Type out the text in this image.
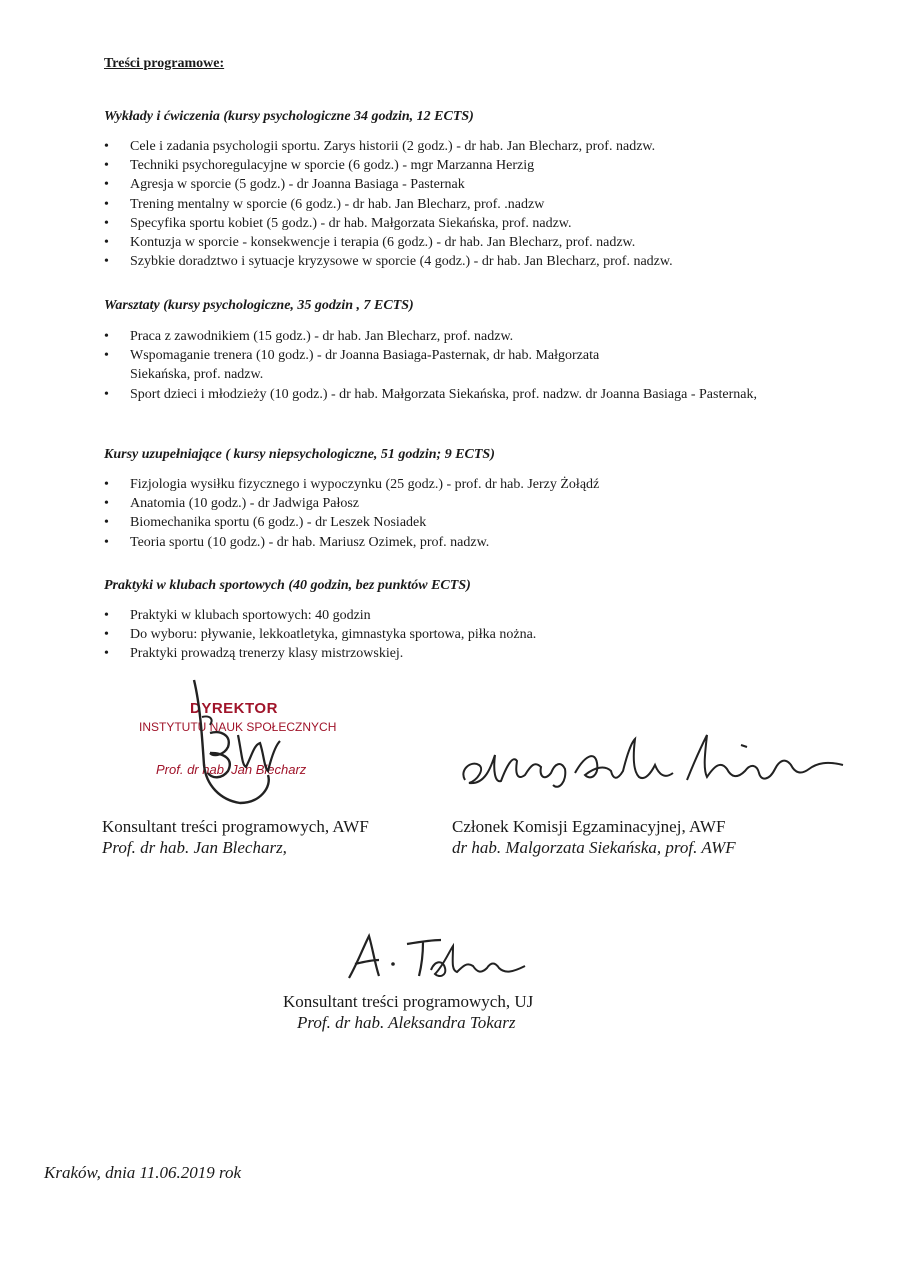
Treści programowe:
Wykłady i ćwiczenia (kursy psychologiczne 34 godzin, 12 ECTS)
• Cele i zadania psychologii sportu. Zarys historii (2 godz.) - dr hab. Jan Blecharz, prof. nadzw.
• Techniki psychoregulacyjne w sporcie (6 godz.) - mgr Marzanna Herzig
• Agresja w sporcie (5 godz.) - dr Joanna Basiaga - Pasternak
• Trening mentalny w sporcie (6 godz.) - dr hab. Jan Blecharz, prof. .nadzw
• Specyfika sportu kobiet (5 godz.) - dr hab. Małgorzata Siekańska, prof. nadzw.
• Kontuzja w sporcie - konsekwencje i terapia (6 godz.) - dr hab. Jan Blecharz, prof. nadzw.
• Szybkie doradztwo i sytuacje kryzysowe w sporcie (4 godz.) - dr hab. Jan Blecharz, prof. nadzw.
Warsztaty (kursy psychologiczne, 35 godzin , 7 ECTS)
• Praca z zawodnikiem (15 godz.) - dr hab. Jan Blecharz, prof. nadzw.
• Wspomaganie trenera (10 godz.) - dr Joanna Basiaga-Pasternak, dr hab. Małgorzata Siekańska, prof. nadzw.
• Sport dzieci i młodzieży (10 godz.) - dr hab. Małgorzata Siekańska, prof. nadzw. dr Joanna Basiaga - Pasternak,
Kursy uzupełniające ( kursy niepsychologiczne, 51 godzin; 9 ECTS)
• Fizjologia wysiłku fizycznego i wypoczynku (25 godz.) - prof. dr hab. Jerzy Żołądź
• Anatomia (10 godz.) - dr Jadwiga Pałosz
• Biomechanika sportu (6 godz.) - dr Leszek Nosiadek
• Teoria sportu (10 godz.) - dr hab. Mariusz Ozimek, prof. nadzw.
Praktyki w klubach sportowych (40 godzin, bez punktów ECTS)
• Praktyki w klubach sportowych: 40 godzin
• Do wyboru: pływanie, lekkoatletyka, gimnastyka sportowa, piłka nożna.
• Praktyki prowadzą trenerzy klasy mistrzowskiej.
DYREKTOR
INSTYTUTU NAUK SPOŁECZNYCH
Prof. dr hab. Jan Blecharz
Konsultant treści programowych, AWF
Prof. dr hab. Jan Blecharz,
Członek Komisji Egzaminacyjnej, AWF
dr hab. Malgorzata Siekańska, prof. AWF
Konsultant treści programowych, UJ
Prof. dr hab. Aleksandra Tokarz
Kraków, dnia 11.06.2019 rok
